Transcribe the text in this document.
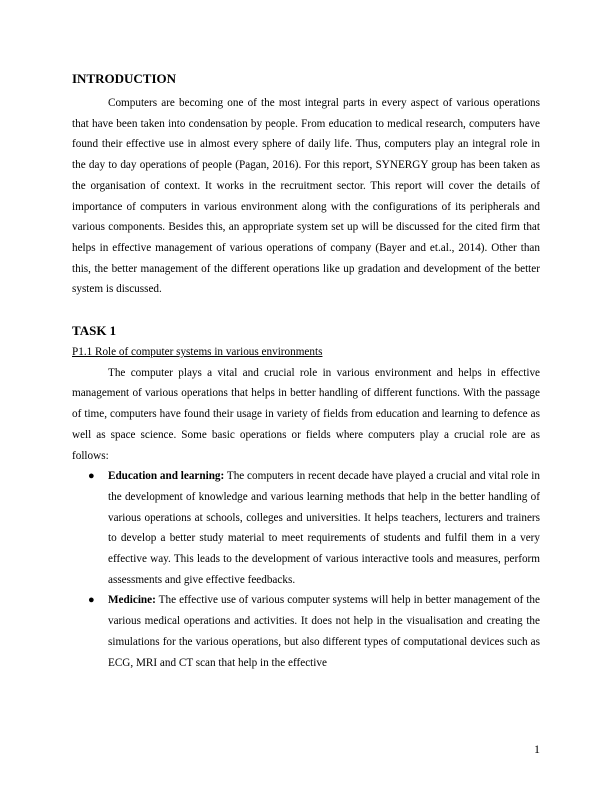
INTRODUCTION

Computers are becoming one of the most integral parts in every aspect of various operations that have been taken into condensation by people. From education to medical research, computers have found their effective use in almost every sphere of daily life. Thus, computers play an integral role in the day to day operations of people (Pagan, 2016). For this report, SYNERGY group has been taken as the organisation of context. It works in the recruitment sector. This report will cover the details of importance of computers in various environment along with the configurations of its peripherals and various components. Besides this, an appropriate system set up will be discussed for the cited firm that helps in effective management of various operations of company (Bayer and et.al., 2014). Other than this, the better management of the different operations like up gradation and development of the better system is discussed.

TASK 1

P1.1 Role of computer systems in various environments

The computer plays a vital and crucial role in various environment and helps in effective management of various operations that helps in better handling of different functions. With the passage of time, computers have found their usage in variety of fields from education and learning to defence as well as space science. Some basic operations or fields where computers play a crucial role are as follows:

● Education and learning: The computers in recent decade have played a crucial and vital role in the development of knowledge and various learning methods that help in the better handling of various operations at schools, colleges and universities. It helps teachers, lecturers and trainers to develop a better study material to meet requirements of students and fulfil them in a very effective way. This leads to the development of various interactive tools and measures, perform assessments and give effective feedbacks.
● Medicine: The effective use of various computer systems will help in better management of the various medical operations and activities. It does not help in the visualisation and creating the simulations for the various operations, but also different types of computational devices such as ECG, MRI and CT scan that help in the effective
1
